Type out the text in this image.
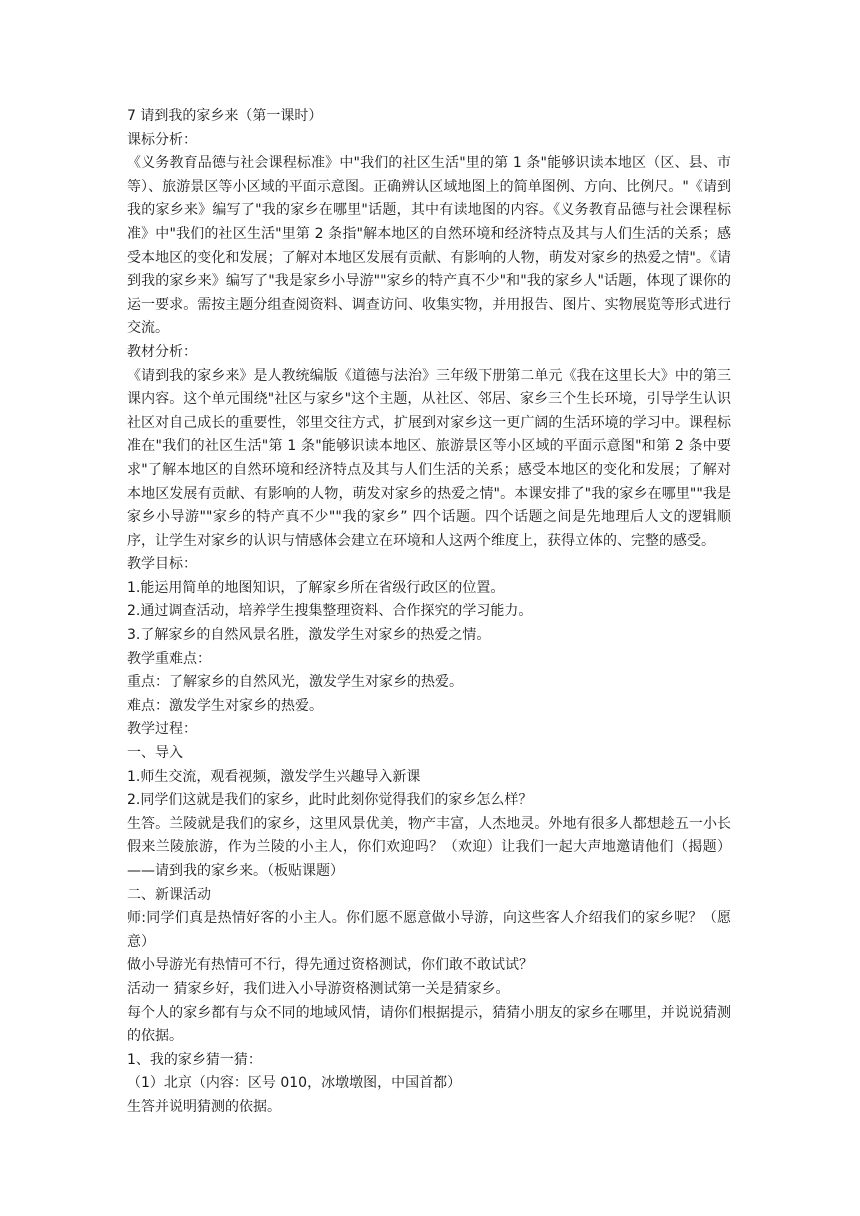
7 请到我的家乡来（第一课时）

课标分析：

《义务教育品德与社会课程标准》中"我们的社区生活"里的第 1 条"能够识读本地区（区、县、市等）、旅游景区等小区域的平面示意图。正确辨认区域地图上的简单图例、方向、比例尺。"《请到我的家乡来》编写了"我的家乡在哪里"话题，其中有读地图的内容。《义务教育品德与社会课程标准》中"我们的社区生活"里第 2 条指"解本地区的自然环境和经济特点及其与人们生活的关系；感受本地区的变化和发展；了解对本地区发展有贡献、有影响的人物，萌发对家乡的热爱之情"。《请到我的家乡来》编写了"我是家乡小导游""家乡的特产真不少"和"我的家乡人"话题，体现了课你的运一要求。需按主题分组查阅资料、调查访问、收集实物，并用报告、图片、实物展览等形式进行交流。

教材分析：

《请到我的家乡来》是人教统编版《道德与法治》三年级下册第二单元《我在这里长大》中的第三课内容。这个单元围绕"社区与家乡"这个主题，从社区、邻居、家乡三个生长环境，引导学生认识社区对自己成长的重要性，邻里交往方式，扩展到对家乡这一更广阔的生活环境的学习中。课程标准在"我们的社区生活"第 1 条"能够识读本地区、旅游景区等小区域的平面示意图"和第 2 条中要求"了解本地区的自然环境和经济特点及其与人们生活的关系；感受本地区的变化和发展；了解对本地区发展有贡献、有影响的人物，萌发对家乡的热爱之情"。本课安排了"我的家乡在哪里""我是家乡小导游""家乡的特产真不少""我的家乡” 四个话题。四个话题之间是先地理后人文的逻辑顺序，让学生对家乡的认识与情感体会建立在环境和人这两个维度上，获得立体的、完整的感受。

教学目标：

1.能运用简单的地图知识，了解家乡所在省级行政区的位置。

2.通过调查活动，培养学生搜集整理资料、合作探究的学习能力。

3.了解家乡的自然风景名胜，激发学生对家乡的热爱之情。

教学重难点：

重点：了解家乡的自然风光，激发学生对家乡的热爱。

难点：激发学生对家乡的热爱。

教学过程：

一、导入

1.师生交流，观看视频，激发学生兴趣导入新课

2.同学们这就是我们的家乡，此时此刻你觉得我们的家乡怎么样？

生答。兰陵就是我们的家乡，这里风景优美，物产丰富，人杰地灵。外地有很多人都想趁五一小长假来兰陵旅游，作为兰陵的小主人，你们欢迎吗？（欢迎）让我们一起大声地邀请他们（揭题）——请到我的家乡来。（板贴课题）

二、新课活动

师:同学们真是热情好客的小主人。你们愿不愿意做小导游，向这些客人介绍我们的家乡呢？（愿意）

做小导游光有热情可不行，得先通过资格测试，你们敢不敢试试？

活动一 猜家乡好，我们进入小导游资格测试第一关是猜家乡。

每个人的家乡都有与众不同的地域风情，请你们根据提示，猜猜小朋友的家乡在哪里，并说说猜测的依据。

1、我的家乡猜一猜：

（1）北京（内容：区号 010，冰墩墩图，中国首都）

生答并说明猜测的依据。
